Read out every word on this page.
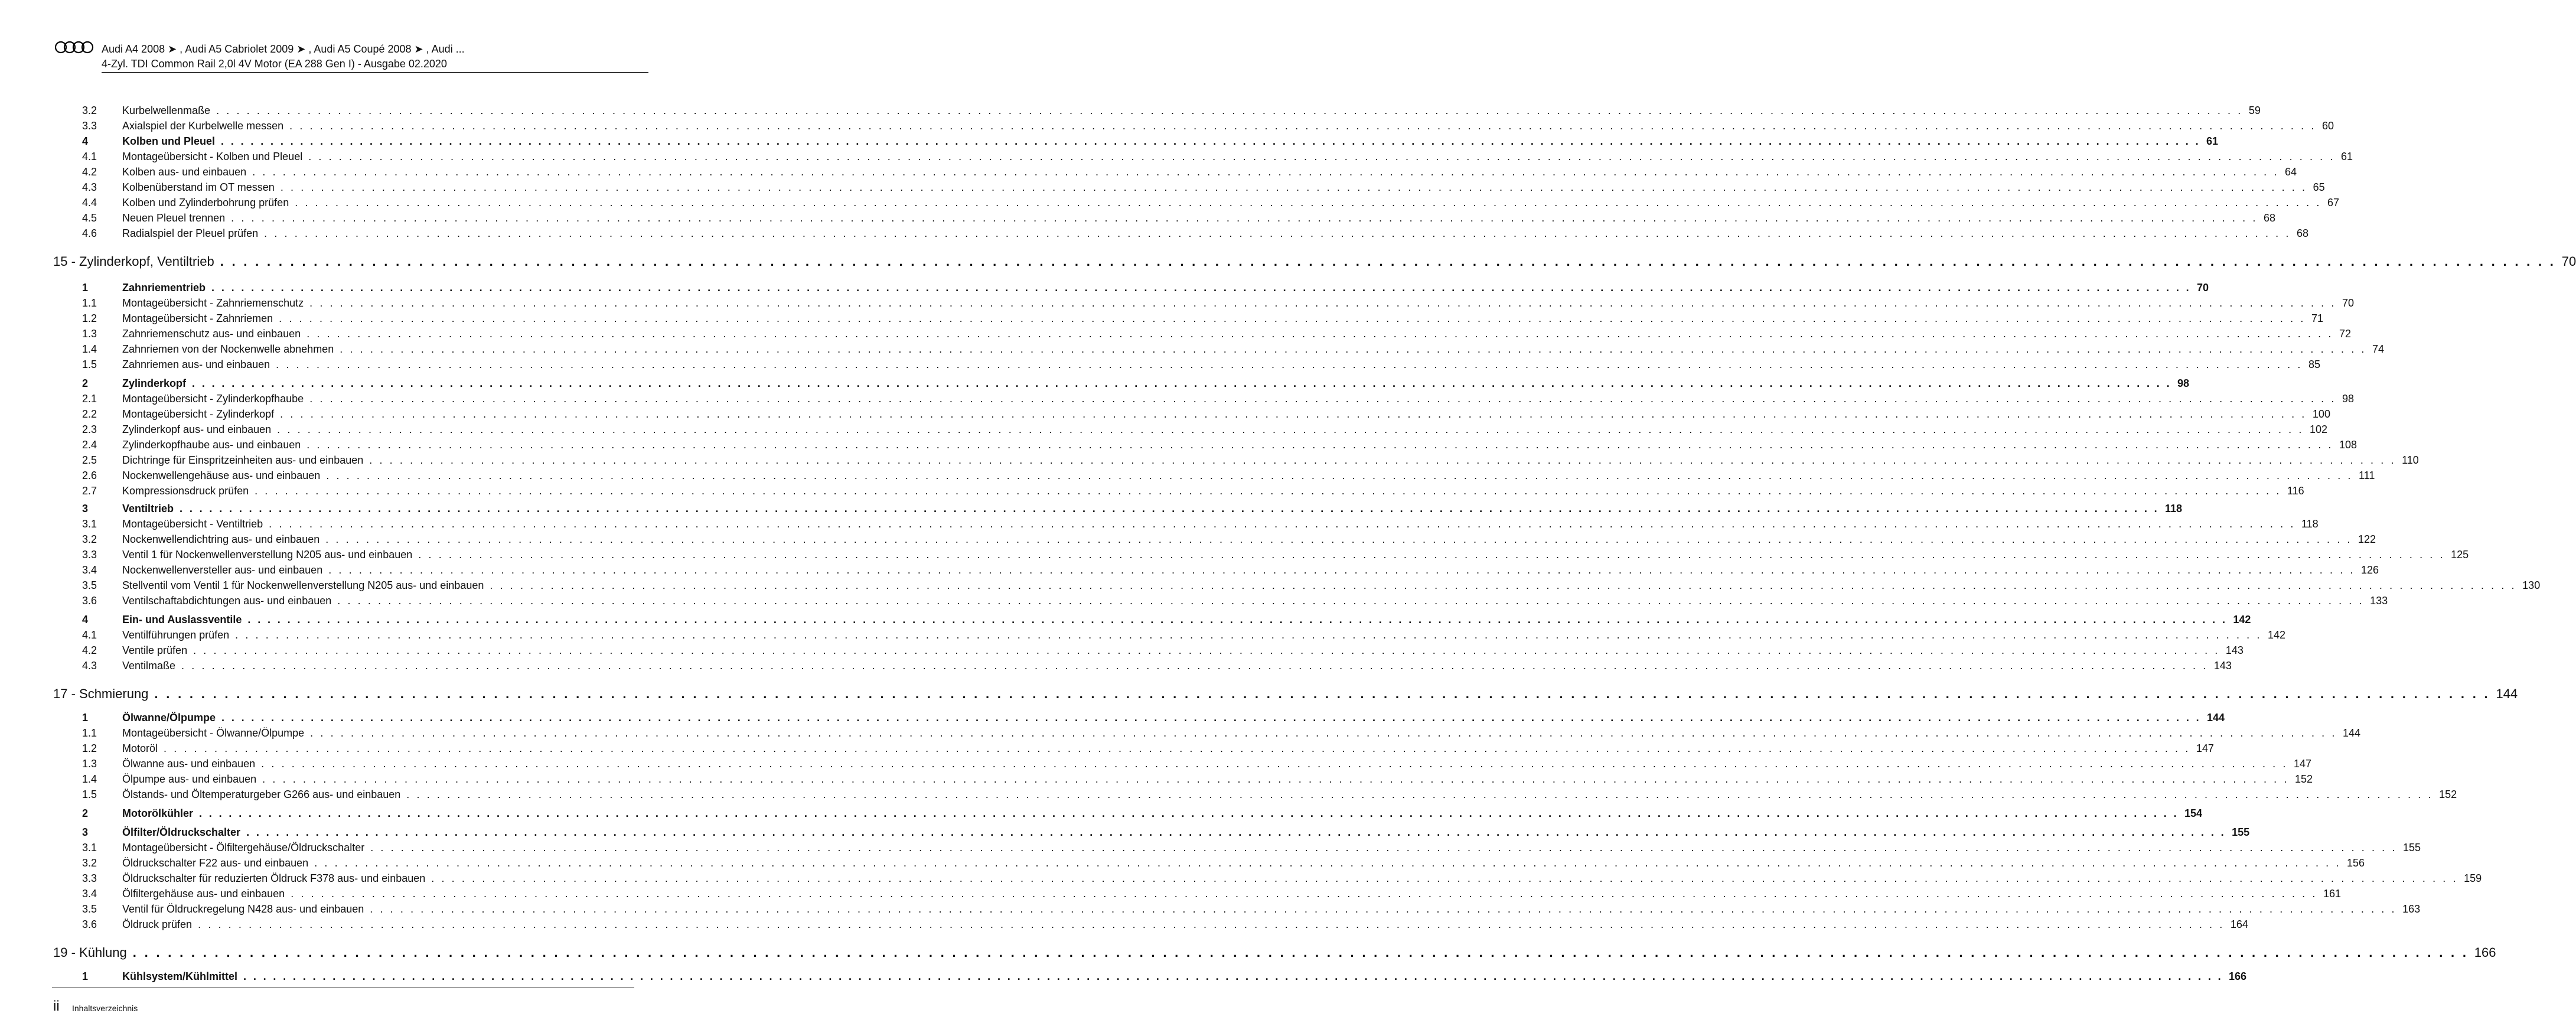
Audi A4 2008 ➤ , Audi A5 Cabriolet 2009 ➤ , Audi A5 Coupé 2008 ➤ , Audi ...
4-Zyl. TDI Common Rail 2,0l 4V Motor (EA 288 Gen I) - Ausgabe 02.2020
3.2	Kurbelwellenmaße . . . . . . . . . . . . . . . . . . . . . . . . . . . . . . . . . . . . . . . . . . . . . . . . . . . . . . . . . . . . . . . . . . . . . . . . . . . . . . . . . . . . . . . . . . . . . . . . . . . . . . . . . . . . . . . . . . . . . . . . . . . . . . . . . . . . . . . . . . . . . . . . . . . . . . . . . . . . . . . . . . . . . . . . . . . . . . . . . . . . . . . . . . . . . . . . . . . . . . . . 59
3.3	Axialspiel der Kurbelwelle messen . . . . . . . . . . . . . . . . . . . . . . . . . . . . . . . . . . . . . . . . . . . . . . . . . . . . . . . . . . . . . . . . . . . . . . . . . . . . . . . . . . . . . . . . . . . . . . . . . . . . . . . . . . . . . . . . . . . . . . . . . . . . . . . . . . . . . . . . . . . . . . . . . . . . . . . . . . . . . . . . . . . . . . . . . . . . . . . . . . . . . . . . . . . . . . . . . . . . . . . . 60
4	Kolben und Pleuel . . . . . . . . . . . . . . . . . . . . . . . . . . . . . . . . . . . . . . . . . . . . . . . . . . . . . . . . . . . . . . . . . . . . . . . . . . . . . . . . . . . . . . . . . . . . . . . . . . . . . . . . . . . . . . . . . . . . . . . . . . . . . . . . . . . . . . . . . . . . . . . . . . . . . . . . . . . . . . . . . . . . . . . . . . . . . . . . . . . . . . . . . . . . . . . . . . . . . . . . 61
4.1	Montageübersicht - Kolben und Pleuel . . . . . . . . . . . . . . . . . . . . . . . . . . . . . . . . . . . . . . . . . . . . . . . . . . . . . . . . . . . . . . . . . . . . . . . . . . . . . . . . . . . . . . . . . . . . . . . . . . . . . . . . . . . . . . . . . . . . . . . . . . . . . . . . . . . . . . . . . . . . . . . . . . . . . . . . . . . . . . . . . . . . . . . . . . . . . . . . . . . . . . . . . . . . . . . . . . . . . . . . 61
4.2	Kolben aus- und einbauen . . . . . . . . . . . . . . . . . . . . . . . . . . . . . . . . . . . . . . . . . . . . . . . . . . . . . . . . . . . . . . . . . . . . . . . . . . . . . . . . . . . . . . . . . . . . . . . . . . . . . . . . . . . . . . . . . . . . . . . . . . . . . . . . . . . . . . . . . . . . . . . . . . . . . . . . . . . . . . . . . . . . . . . . . . . . . . . . . . . . . . . . . . . . . . . . . . . . . . . . 64
4.3	Kolbenüberstand im OT messen . . . . . . . . . . . . . . . . . . . . . . . . . . . . . . . . . . . . . . . . . . . . . . . . . . . . . . . . . . . . . . . . . . . . . . . . . . . . . . . . . . . . . . . . . . . . . . . . . . . . . . . . . . . . . . . . . . . . . . . . . . . . . . . . . . . . . . . . . . . . . . . . . . . . . . . . . . . . . . . . . . . . . . . . . . . . . . . . . . . . . . . . . . . . . . . . . . . . . . . . 65
4.4	Kolben und Zylinderbohrung prüfen . . . . . . . . . . . . . . . . . . . . . . . . . . . . . . . . . . . . . . . . . . . . . . . . . . . . . . . . . . . . . . . . . . . . . . . . . . . . . . . . . . . . . . . . . . . . . . . . . . . . . . . . . . . . . . . . . . . . . . . . . . . . . . . . . . . . . . . . . . . . . . . . . . . . . . . . . . . . . . . . . . . . . . . . . . . . . . . . . . . . . . . . . . . . . . . . . . . . . . . . 67
4.5	Neuen Pleuel trennen . . . . . . . . . . . . . . . . . . . . . . . . . . . . . . . . . . . . . . . . . . . . . . . . . . . . . . . . . . . . . . . . . . . . . . . . . . . . . . . . . . . . . . . . . . . . . . . . . . . . . . . . . . . . . . . . . . . . . . . . . . . . . . . . . . . . . . . . . . . . . . . . . . . . . . . . . . . . . . . . . . . . . . . . . . . . . . . . . . . . . . . . . . . . . . . . . . . . . . . . 68
4.6	Radialspiel der Pleuel prüfen . . . . . . . . . . . . . . . . . . . . . . . . . . . . . . . . . . . . . . . . . . . . . . . . . . . . . . . . . . . . . . . . . . . . . . . . . . . . . . . . . . . . . . . . . . . . . . . . . . . . . . . . . . . . . . . . . . . . . . . . . . . . . . . . . . . . . . . . . . . . . . . . . . . . . . . . . . . . . . . . . . . . . . . . . . . . . . . . . . . . . . . . . . . . . . . . . . . . . . . . 68
15 - Zylinderkopf, Ventiltrieb . . . . . . . . . . . . . . . . . . . . . . . . . . . . . . . . . . . . . . . . . . . . . . . . . . . . . . . . . . . . . . . . . . . . . . . . . . . . . . . . . . . . . . . . . . . . . . . . . . . . . . . . . . . . . . . . . . . . . . . . . . . . . . . . . . . . . . . . . . . . . . . . . . . . . . . . . . . . . . . . . . . . . . . . . . . . . . . . . . . . . . . . . . . . . . . . . . . . . . . . 70
1	Zahnriementrieb . . . . . . . . . . . . . . . . . . . . . . . . . . . . . . . . . . . . . . . . . . . . . . . . . . . . . . . . . . . . . . . . . . . . . . . . . . . . . . . . . . . . . . . . . . . . . . . . . . . . . . . . . . . . . . . . . . . . . . . . . . . . . . . . . . . . . . . . . . . . . . . . . . . . . . . . . . . . . . . . . . . . . . . . . . . . . . . . . . . . . . . . . . . . . . . . . . . . . . . . 70
1.1	Montageübersicht - Zahnriemenschutz . . . . . . . . . . . . . . . . . . . . . . . . . . . . . . . . . . . . . . . . . . . . . . . . . . . . . . . . . . . . . . . . . . . . . . . . . . . . . . . . . . . . . . . . . . . . . . . . . . . . . . . . . . . . . . . . . . . . . . . . . . . . . . . . . . . . . . . . . . . . . . . . . . . . . . . . . . . . . . . . . . . . . . . . . . . . . . . . . . . . . . . . . . . . . . . . . . . . . . . . 70
1.2	Montageübersicht - Zahnriemen . . . . . . . . . . . . . . . . . . . . . . . . . . . . . . . . . . . . . . . . . . . . . . . . . . . . . . . . . . . . . . . . . . . . . . . . . . . . . . . . . . . . . . . . . . . . . . . . . . . . . . . . . . . . . . . . . . . . . . . . . . . . . . . . . . . . . . . . . . . . . . . . . . . . . . . . . . . . . . . . . . . . . . . . . . . . . . . . . . . . . . . . . . . . . . . . . . . . . . . . 71
1.3	Zahnriemenschutz aus- und einbauen . . . . . . . . . . . . . . . . . . . . . . . . . . . . . . . . . . . . . . . . . . . . . . . . . . . . . . . . . . . . . . . . . . . . . . . . . . . . . . . . . . . . . . . . . . . . . . . . . . . . . . . . . . . . . . . . . . . . . . . . . . . . . . . . . . . . . . . . . . . . . . . . . . . . . . . . . . . . . . . . . . . . . . . . . . . . . . . . . . . . . . . . . . . . . . . . . . . . . . . . 72
1.4	Zahnriemen von der Nockenwelle abnehmen . . . . . . . . . . . . . . . . . . . . . . . . . . . . . . . . . . . . . . . . . . . . . . . . . . . . . . . . . . . . . . . . . . . . . . . . . . . . . . . . . . . . . . . . . . . . . . . . . . . . . . . . . . . . . . . . . . . . . . . . . . . . . . . . . . . . . . . . . . . . . . . . . . . . . . . . . . . . . . . . . . . . . . . . . . . . . . . . . . . . . . . . . . . . . . . . . . . . . . . . 74
1.5	Zahnriemen aus- und einbauen . . . . . . . . . . . . . . . . . . . . . . . . . . . . . . . . . . . . . . . . . . . . . . . . . . . . . . . . . . . . . . . . . . . . . . . . . . . . . . . . . . . . . . . . . . . . . . . . . . . . . . . . . . . . . . . . . . . . . . . . . . . . . . . . . . . . . . . . . . . . . . . . . . . . . . . . . . . . . . . . . . . . . . . . . . . . . . . . . . . . . . . . . . . . . . . . . . . . . . . . 85
2	Zylinderkopf . . . . . . . . . . . . . . . . . . . . . . . . . . . . . . . . . . . . . . . . . . . . . . . . . . . . . . . . . . . . . . . . . . . . . . . . . . . . . . . . . . . . . . . . . . . . . . . . . . . . . . . . . . . . . . . . . . . . . . . . . . . . . . . . . . . . . . . . . . . . . . . . . . . . . . . . . . . . . . . . . . . . . . . . . . . . . . . . . . . . . . . . . . . . . . . . . . . . . . . . 98
2.1	Montageübersicht - Zylinderkopfhaube . . . . . . . . . . . . . . . . . . . . . . . . . . . . . . . . . . . . . . . . . . . . . . . . . . . . . . . . . . . . . . . . . . . . . . . . . . . . . . . . . . . . . . . . . . . . . . . . . . . . . . . . . . . . . . . . . . . . . . . . . . . . . . . . . . . . . . . . . . . . . . . . . . . . . . . . . . . . . . . . . . . . . . . . . . . . . . . . . . . . . . . . . . . . . . . . . . . . . . . . 98
2.2	Montageübersicht - Zylinderkopf . . . . . . . . . . . . . . . . . . . . . . . . . . . . . . . . . . . . . . . . . . . . . . . . . . . . . . . . . . . . . . . . . . . . . . . . . . . . . . . . . . . . . . . . . . . . . . . . . . . . . . . . . . . . . . . . . . . . . . . . . . . . . . . . . . . . . . . . . . . . . . . . . . . . . . . . . . . . . . . . . . . . . . . . . . . . . . . . . . . . . . . . . . . . . . . . . . . . . . . . 100
2.3	Zylinderkopf aus- und einbauen . . . . . . . . . . . . . . . . . . . . . . . . . . . . . . . . . . . . . . . . . . . . . . . . . . . . . . . . . . . . . . . . . . . . . . . . . . . . . . . . . . . . . . . . . . . . . . . . . . . . . . . . . . . . . . . . . . . . . . . . . . . . . . . . . . . . . . . . . . . . . . . . . . . . . . . . . . . . . . . . . . . . . . . . . . . . . . . . . . . . . . . . . . . . . . . . . . . . . . . . 102
2.4	Zylinderkopfhaube aus- und einbauen . . . . . . . . . . . . . . . . . . . . . . . . . . . . . . . . . . . . . . . . . . . . . . . . . . . . . . . . . . . . . . . . . . . . . . . . . . . . . . . . . . . . . . . . . . . . . . . . . . . . . . . . . . . . . . . . . . . . . . . . . . . . . . . . . . . . . . . . . . . . . . . . . . . . . . . . . . . . . . . . . . . . . . . . . . . . . . . . . . . . . . . . . . . . . . . . . . . . . . . . 108
2.5	Dichtringe für Einspritzeinheiten aus- und einbauen . . . . . . . . . . . . . . . . . . . . . . . . . . . . . . . . . . . . . . . . . . . . . . . . . . . . . . . . . . . . . . . . . . . . . . . . . . . . . . . . . . . . . . . . . . . . . . . . . . . . . . . . . . . . . . . . . . . . . . . . . . . . . . . . . . . . . . . . . . . . . . . . . . . . . . . . . . . . . . . . . . . . . . . . . . . . . . . . . . . . . . . . . . . . . . . . . . . . . . . . 110
2.6	Nockenwellengehäuse aus- und einbauen . . . . . . . . . . . . . . . . . . . . . . . . . . . . . . . . . . . . . . . . . . . . . . . . . . . . . . . . . . . . . . . . . . . . . . . . . . . . . . . . . . . . . . . . . . . . . . . . . . . . . . . . . . . . . . . . . . . . . . . . . . . . . . . . . . . . . . . . . . . . . . . . . . . . . . . . . . . . . . . . . . . . . . . . . . . . . . . . . . . . . . . . . . . . . . . . . . . . . . . . 111
2.7	Kompressionsdruck prüfen . . . . . . . . . . . . . . . . . . . . . . . . . . . . . . . . . . . . . . . . . . . . . . . . . . . . . . . . . . . . . . . . . . . . . . . . . . . . . . . . . . . . . . . . . . . . . . . . . . . . . . . . . . . . . . . . . . . . . . . . . . . . . . . . . . . . . . . . . . . . . . . . . . . . . . . . . . . . . . . . . . . . . . . . . . . . . . . . . . . . . . . . . . . . . . . . . . . . . . . . 116
3	Ventiltrieb . . . . . . . . . . . . . . . . . . . . . . . . . . . . . . . . . . . . . . . . . . . . . . . . . . . . . . . . . . . . . . . . . . . . . . . . . . . . . . . . . . . . . . . . . . . . . . . . . . . . . . . . . . . . . . . . . . . . . . . . . . . . . . . . . . . . . . . . . . . . . . . . . . . . . . . . . . . . . . . . . . . . . . . . . . . . . . . . . . . . . . . . . . . . . . . . . . . . . . . . 118
3.1	Montageübersicht - Ventiltrieb . . . . . . . . . . . . . . . . . . . . . . . . . . . . . . . . . . . . . . . . . . . . . . . . . . . . . . . . . . . . . . . . . . . . . . . . . . . . . . . . . . . . . . . . . . . . . . . . . . . . . . . . . . . . . . . . . . . . . . . . . . . . . . . . . . . . . . . . . . . . . . . . . . . . . . . . . . . . . . . . . . . . . . . . . . . . . . . . . . . . . . . . . . . . . . . . . . . . . . . . 118
3.2	Nockenwellendichtring aus- und einbauen . . . . . . . . . . . . . . . . . . . . . . . . . . . . . . . . . . . . . . . . . . . . . . . . . . . . . . . . . . . . . . . . . . . . . . . . . . . . . . . . . . . . . . . . . . . . . . . . . . . . . . . . . . . . . . . . . . . . . . . . . . . . . . . . . . . . . . . . . . . . . . . . . . . . . . . . . . . . . . . . . . . . . . . . . . . . . . . . . . . . . . . . . . . . . . . . . . . . . . . . 122
3.3	Ventil 1 für Nockenwellenverstellung N205 aus- und einbauen . . . . . . . . . . . . . . . . . . . . . . . . . . . . . . . . . . . . . . . . . . . . . . . . . . . . . . . . . . . . . . . . . . . . . . . . . . . . . . . . . . . . . . . . . . . . . . . . . . . . . . . . . . . . . . . . . . . . . . . . . . . . . . . . . . . . . . . . . . . . . . . . . . . . . . . . . . . . . . . . . . . . . . . . . . . . . . . . . . . . . . . . . . . . . . . . . . . . . . . . 125
3.4	Nockenwellenversteller aus- und einbauen . . . . . . . . . . . . . . . . . . . . . . . . . . . . . . . . . . . . . . . . . . . . . . . . . . . . . . . . . . . . . . . . . . . . . . . . . . . . . . . . . . . . . . . . . . . . . . . . . . . . . . . . . . . . . . . . . . . . . . . . . . . . . . . . . . . . . . . . . . . . . . . . . . . . . . . . . . . . . . . . . . . . . . . . . . . . . . . . . . . . . . . . . . . . . . . . . . . . . . . . 126
3.5	Stellventil vom Ventil 1 für Nockenwellenverstellung N205 aus- und einbauen . . . . . . . . . . . . . . . . . . . . . . . . . . . . . . . . . . . . . . . . . . . . . . . . . . . . . . . . . . . . . . . . . . . . . . . . . . . . . . . . . . . . . . . . . . . . . . . . . . . . . . . . . . . . . . . . . . . . . . . . . . . . . . . . . . . . . . . . . . . . . . . . . . . . . . . . . . . . . . . . . . . . . . . . . . . . . . . . . . . . . . . . . . . . . . . . . . . . . . . . 130
3.6	Ventilschaftabdichtungen aus- und einbauen . . . . . . . . . . . . . . . . . . . . . . . . . . . . . . . . . . . . . . . . . . . . . . . . . . . . . . . . . . . . . . . . . . . . . . . . . . . . . . . . . . . . . . . . . . . . . . . . . . . . . . . . . . . . . . . . . . . . . . . . . . . . . . . . . . . . . . . . . . . . . . . . . . . . . . . . . . . . . . . . . . . . . . . . . . . . . . . . . . . . . . . . . . . . . . . . . . . . . . . . 133
4	Ein- und Auslassventile . . . . . . . . . . . . . . . . . . . . . . . . . . . . . . . . . . . . . . . . . . . . . . . . . . . . . . . . . . . . . . . . . . . . . . . . . . . . . . . . . . . . . . . . . . . . . . . . . . . . . . . . . . . . . . . . . . . . . . . . . . . . . . . . . . . . . . . . . . . . . . . . . . . . . . . . . . . . . . . . . . . . . . . . . . . . . . . . . . . . . . . . . . . . . . . . . . . . . . . . 142
4.1	Ventilführungen prüfen . . . . . . . . . . . . . . . . . . . . . . . . . . . . . . . . . . . . . . . . . . . . . . . . . . . . . . . . . . . . . . . . . . . . . . . . . . . . . . . . . . . . . . . . . . . . . . . . . . . . . . . . . . . . . . . . . . . . . . . . . . . . . . . . . . . . . . . . . . . . . . . . . . . . . . . . . . . . . . . . . . . . . . . . . . . . . . . . . . . . . . . . . . . . . . . . . . . . . . . . 142
4.2	Ventile prüfen . . . . . . . . . . . . . . . . . . . . . . . . . . . . . . . . . . . . . . . . . . . . . . . . . . . . . . . . . . . . . . . . . . . . . . . . . . . . . . . . . . . . . . . . . . . . . . . . . . . . . . . . . . . . . . . . . . . . . . . . . . . . . . . . . . . . . . . . . . . . . . . . . . . . . . . . . . . . . . . . . . . . . . . . . . . . . . . . . . . . . . . . . . . . . . . . . . . . . . . . 143
4.3	Ventilmaße . . . . . . . . . . . . . . . . . . . . . . . . . . . . . . . . . . . . . . . . . . . . . . . . . . . . . . . . . . . . . . . . . . . . . . . . . . . . . . . . . . . . . . . . . . . . . . . . . . . . . . . . . . . . . . . . . . . . . . . . . . . . . . . . . . . . . . . . . . . . . . . . . . . . . . . . . . . . . . . . . . . . . . . . . . . . . . . . . . . . . . . . . . . . . . . . . . . . . . . . 143
17 - Schmierung . . . . . . . . . . . . . . . . . . . . . . . . . . . . . . . . . . . . . . . . . . . . . . . . . . . . . . . . . . . . . . . . . . . . . . . . . . . . . . . . . . . . . . . . . . . . . . . . . . . . . . . . . . . . . . . . . . . . . . . . . . . . . . . . . . . . . . . . . . . . . . . . . . . . . . . . . . . . . . . . . . . . . . . . . . . . . . . . . . . . . . . . . . . . . . . . . . . . . . . . 144
1	Ölwanne/Ölpumpe . . . . . . . . . . . . . . . . . . . . . . . . . . . . . . . . . . . . . . . . . . . . . . . . . . . . . . . . . . . . . . . . . . . . . . . . . . . . . . . . . . . . . . . . . . . . . . . . . . . . . . . . . . . . . . . . . . . . . . . . . . . . . . . . . . . . . . . . . . . . . . . . . . . . . . . . . . . . . . . . . . . . . . . . . . . . . . . . . . . . . . . . . . . . . . . . . . . . . . . . 144
1.1	Montageübersicht - Ölwanne/Ölpumpe . . . . . . . . . . . . . . . . . . . . . . . . . . . . . . . . . . . . . . . . . . . . . . . . . . . . . . . . . . . . . . . . . . . . . . . . . . . . . . . . . . . . . . . . . . . . . . . . . . . . . . . . . . . . . . . . . . . . . . . . . . . . . . . . . . . . . . . . . . . . . . . . . . . . . . . . . . . . . . . . . . . . . . . . . . . . . . . . . . . . . . . . . . . . . . . . . . . . . . . . 144
1.2	Motoröl . . . . . . . . . . . . . . . . . . . . . . . . . . . . . . . . . . . . . . . . . . . . . . . . . . . . . . . . . . . . . . . . . . . . . . . . . . . . . . . . . . . . . . . . . . . . . . . . . . . . . . . . . . . . . . . . . . . . . . . . . . . . . . . . . . . . . . . . . . . . . . . . . . . . . . . . . . . . . . . . . . . . . . . . . . . . . . . . . . . . . . . . . . . . . . . . . . . . . . . . 147
1.3	Ölwanne aus- und einbauen . . . . . . . . . . . . . . . . . . . . . . . . . . . . . . . . . . . . . . . . . . . . . . . . . . . . . . . . . . . . . . . . . . . . . . . . . . . . . . . . . . . . . . . . . . . . . . . . . . . . . . . . . . . . . . . . . . . . . . . . . . . . . . . . . . . . . . . . . . . . . . . . . . . . . . . . . . . . . . . . . . . . . . . . . . . . . . . . . . . . . . . . . . . . . . . . . . . . . . . . 147
1.4	Ölpumpe aus- und einbauen . . . . . . . . . . . . . . . . . . . . . . . . . . . . . . . . . . . . . . . . . . . . . . . . . . . . . . . . . . . . . . . . . . . . . . . . . . . . . . . . . . . . . . . . . . . . . . . . . . . . . . . . . . . . . . . . . . . . . . . . . . . . . . . . . . . . . . . . . . . . . . . . . . . . . . . . . . . . . . . . . . . . . . . . . . . . . . . . . . . . . . . . . . . . . . . . . . . . . . . . 152
1.5	Ölstands- und Öltemperaturgeber G266 aus- und einbauen . . . . . . . . . . . . . . . . . . . . . . . . . . . . . . . . . . . . . . . . . . . . . . . . . . . . . . . . . . . . . . . . . . . . . . . . . . . . . . . . . . . . . . . . . . . . . . . . . . . . . . . . . . . . . . . . . . . . . . . . . . . . . . . . . . . . . . . . . . . . . . . . . . . . . . . . . . . . . . . . . . . . . . . . . . . . . . . . . . . . . . . . . . . . . . . . . . . . . . . . 152
2	Motorölkühler . . . . . . . . . . . . . . . . . . . . . . . . . . . . . . . . . . . . . . . . . . . . . . . . . . . . . . . . . . . . . . . . . . . . . . . . . . . . . . . . . . . . . . . . . . . . . . . . . . . . . . . . . . . . . . . . . . . . . . . . . . . . . . . . . . . . . . . . . . . . . . . . . . . . . . . . . . . . . . . . . . . . . . . . . . . . . . . . . . . . . . . . . . . . . . . . . . . . . . . . 154
3	Ölfilter/Öldruckschalter . . . . . . . . . . . . . . . . . . . . . . . . . . . . . . . . . . . . . . . . . . . . . . . . . . . . . . . . . . . . . . . . . . . . . . . . . . . . . . . . . . . . . . . . . . . . . . . . . . . . . . . . . . . . . . . . . . . . . . . . . . . . . . . . . . . . . . . . . . . . . . . . . . . . . . . . . . . . . . . . . . . . . . . . . . . . . . . . . . . . . . . . . . . . . . . . . . . . . . . . 155
3.1	Montageübersicht - Ölfiltergehäuse/Öldruckschalter . . . . . . . . . . . . . . . . . . . . . . . . . . . . . . . . . . . . . . . . . . . . . . . . . . . . . . . . . . . . . . . . . . . . . . . . . . . . . . . . . . . . . . . . . . . . . . . . . . . . . . . . . . . . . . . . . . . . . . . . . . . . . . . . . . . . . . . . . . . . . . . . . . . . . . . . . . . . . . . . . . . . . . . . . . . . . . . . . . . . . . . . . . . . . . . . . . . . . . . . 155
3.2	Öldruckschalter F22 aus- und einbauen . . . . . . . . . . . . . . . . . . . . . . . . . . . . . . . . . . . . . . . . . . . . . . . . . . . . . . . . . . . . . . . . . . . . . . . . . . . . . . . . . . . . . . . . . . . . . . . . . . . . . . . . . . . . . . . . . . . . . . . . . . . . . . . . . . . . . . . . . . . . . . . . . . . . . . . . . . . . . . . . . . . . . . . . . . . . . . . . . . . . . . . . . . . . . . . . . . . . . . . . 156
3.3	Öldruckschalter für reduzierten Öldruck F378 aus- und einbauen . . . . . . . . . . . . . . . . . . . . . . . . . . . . . . . . . . . . . . . . . . . . . . . . . . . . . . . . . . . . . . . . . . . . . . . . . . . . . . . . . . . . . . . . . . . . . . . . . . . . . . . . . . . . . . . . . . . . . . . . . . . . . . . . . . . . . . . . . . . . . . . . . . . . . . . . . . . . . . . . . . . . . . . . . . . . . . . . . . . . . . . . . . . . . . . . . . . . . . . . 159
3.4	Ölfiltergehäuse aus- und einbauen . . . . . . . . . . . . . . . . . . . . . . . . . . . . . . . . . . . . . . . . . . . . . . . . . . . . . . . . . . . . . . . . . . . . . . . . . . . . . . . . . . . . . . . . . . . . . . . . . . . . . . . . . . . . . . . . . . . . . . . . . . . . . . . . . . . . . . . . . . . . . . . . . . . . . . . . . . . . . . . . . . . . . . . . . . . . . . . . . . . . . . . . . . . . . . . . . . . . . . . . 161
3.5	Ventil für Öldruckregelung N428 aus- und einbauen . . . . . . . . . . . . . . . . . . . . . . . . . . . . . . . . . . . . . . . . . . . . . . . . . . . . . . . . . . . . . . . . . . . . . . . . . . . . . . . . . . . . . . . . . . . . . . . . . . . . . . . . . . . . . . . . . . . . . . . . . . . . . . . . . . . . . . . . . . . . . . . . . . . . . . . . . . . . . . . . . . . . . . . . . . . . . . . . . . . . . . . . . . . . . . . . . . . . . . . . 163
3.6	Öldruck prüfen . . . . . . . . . . . . . . . . . . . . . . . . . . . . . . . . . . . . . . . . . . . . . . . . . . . . . . . . . . . . . . . . . . . . . . . . . . . . . . . . . . . . . . . . . . . . . . . . . . . . . . . . . . . . . . . . . . . . . . . . . . . . . . . . . . . . . . . . . . . . . . . . . . . . . . . . . . . . . . . . . . . . . . . . . . . . . . . . . . . . . . . . . . . . . . . . . . . . . . . . 164
19 - Kühlung . . . . . . . . . . . . . . . . . . . . . . . . . . . . . . . . . . . . . . . . . . . . . . . . . . . . . . . . . . . . . . . . . . . . . . . . . . . . . . . . . . . . . . . . . . . . . . . . . . . . . . . . . . . . . . . . . . . . . . . . . . . . . . . . . . . . . . . . . . . . . . . . . . . . . . . . . . . . . . . . . . . . . . . . . . . . . . . . . . . . . . . . . . . . . . . . . . . . . . . . 166
1	Kühlsystem/Kühlmittel . . . . . . . . . . . . . . . . . . . . . . . . . . . . . . . . . . . . . . . . . . . . . . . . . . . . . . . . . . . . . . . . . . . . . . . . . . . . . . . . . . . . . . . . . . . . . . . . . . . . . . . . . . . . . . . . . . . . . . . . . . . . . . . . . . . . . . . . . . . . . . . . . . . . . . . . . . . . . . . . . . . . . . . . . . . . . . . . . . . . . . . . . . . . . . . . . . . . . . . . 166
ii Inhaltsverzeichnis
